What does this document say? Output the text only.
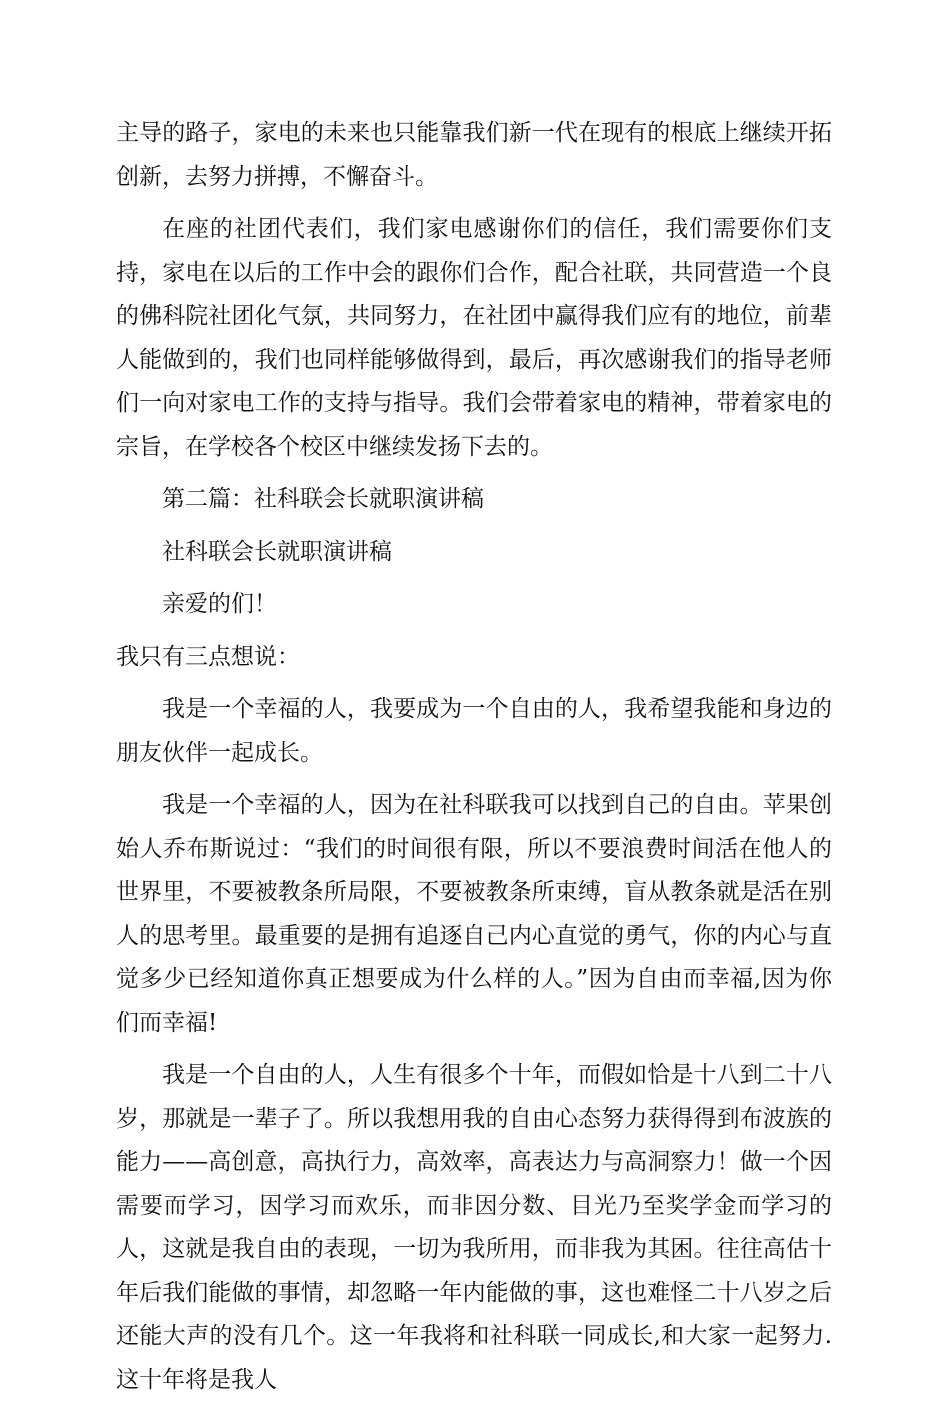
主导的路子，家电的未来也只能靠我们新一代在现有的根底上继续开拓创新，去努力拼搏，不懈奋斗。

在座的社团代表们，我们家电感谢你们的信任，我们需要你们支持，家电在以后的工作中会的跟你们合作，配合社联，共同营造一个良的佛科院社团化气氛，共同努力，在社团中赢得我们应有的地位，前辈人能做到的，我们也同样能够做得到，最后，再次感谢我们的指导老师们一向对家电工作的支持与指导。我们会带着家电的精神，带着家电的宗旨，在学校各个校区中继续发扬下去的。

第二篇：社科联会长就职演讲稿

社科联会长就职演讲稿

亲爱的们！

我只有三点想说：

我是一个幸福的人，我要成为一个自由的人，我希望我能和身边的朋友伙伴一起成长。

我是一个幸福的人，因为在社科联我可以找到自己的自由。苹果创始人乔布斯说过：“我们的时间很有限，所以不要浪费时间活在他人的世界里，不要被教条所局限，不要被教条所束缚，盲从教条就是活在别人的思考里。最重要的是拥有追逐自己内心直觉的勇气，你的内心与直觉多少已经知道你真正想要成为什么样的人。”因为自由而幸福,因为你们而幸福!

我是一个自由的人，人生有很多个十年，而假如恰是十八到二十八岁，那就是一辈子了。所以我想用我的自由心态努力获得得到布波族的能力——高创意，高执行力，高效率，高表达力与高洞察力！做一个因需要而学习，因学习而欢乐，而非因分数、目光乃至奖学金而学习的人，这就是我自由的表现，一切为我所用，而非我为其困。往往高估十年后我们能做的事情，却忽略一年内能做的事，这也难怪二十八岁之后还能大声的没有几个。这一年我将和社科联一同成长,和大家一起努力.这十年将是我人
